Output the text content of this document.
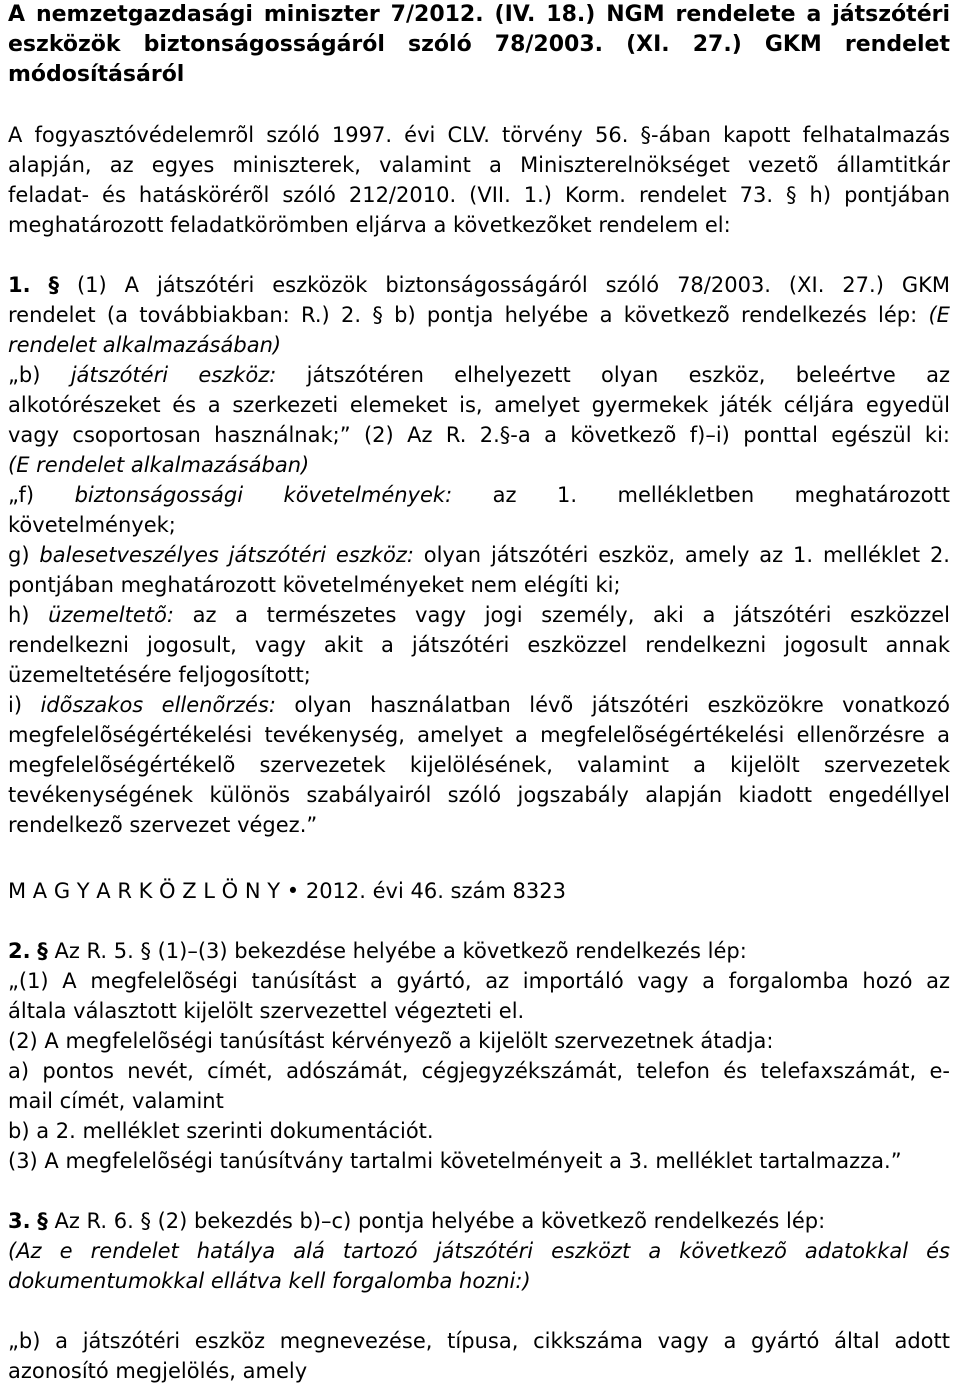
A nemzetgazdasági miniszter 7/2012. (IV. 18.) NGM rendelete a játszótéri
eszközök biztonságosságáról szóló 78/2003. (XI. 27.) GKM rendelet
módosításáról
A fogyasztóvédelemrõl szóló 1997. évi CLV. törvény 56. §-ában kapott felhatalmazás
alapján, az egyes miniszterek, valamint a Miniszterelnökséget vezetõ államtitkár
feladat- és hatáskörérõl szóló 212/2010. (VII. 1.) Korm. rendelet 73. § h) pontjában
meghatározott feladatkörömben eljárva a következõket rendelem el:
1. § (1) A játszótéri eszközök biztonságosságáról szóló 78/2003. (XI. 27.) GKM
rendelet (a továbbiakban: R.) 2. § b) pontja helyébe a következõ rendelkezés lép: (E
rendelet alkalmazásában)
„b) játszótéri eszköz: játszótéren elhelyezett olyan eszköz, beleértve az
alkotórészeket és a szerkezeti elemeket is, amelyet gyermekek játék céljára egyedül
vagy csoportosan használnak;” (2) Az R. 2.§-a a következõ f)–i) ponttal egészül ki:
(E rendelet alkalmazásában)
„f) biztonságossági követelmények: az 1. mellékletben meghatározott
követelmények;
g) balesetveszélyes játszótéri eszköz: olyan játszótéri eszköz, amely az 1. melléklet 2.
pontjában meghatározott követelményeket nem elégíti ki;
h) üzemeltetõ: az a természetes vagy jogi személy, aki a játszótéri eszközzel
rendelkezni jogosult, vagy akit a játszótéri eszközzel rendelkezni jogosult annak
üzemeltetésére feljogosított;
i) idõszakos ellenõrzés: olyan használatban lévõ játszótéri eszközökre vonatkozó
megfelelõségértékelési tevékenység, amelyet a megfelelõségértékelési ellenõrzésre a
megfelelõségértékelõ szervezetek kijelölésének, valamint a kijelölt szervezetek
tevékenységének különös szabályairól szóló jogszabály alapján kiadott engedéllyel
rendelkezõ szervezet végez.”
M A G Y A R K Ö Z L Ö N Y • 2012. évi 46. szám 8323
2. § Az R. 5. § (1)–(3) bekezdése helyébe a következõ rendelkezés lép:
„(1) A megfelelõségi tanúsítást a gyártó, az importáló vagy a forgalomba hozó az
általa választott kijelölt szervezettel végezteti el.
(2) A megfelelõségi tanúsítást kérvényezõ a kijelölt szervezetnek átadja:
a) pontos nevét, címét, adószámát, cégjegyzékszámát, telefon és telefaxszámát, e-
mail címét, valamint
b) a 2. melléklet szerinti dokumentációt.
(3) A megfelelõségi tanúsítvány tartalmi követelményeit a 3. melléklet tartalmazza.”
3. § Az R. 6. § (2) bekezdés b)–c) pontja helyébe a következõ rendelkezés lép:
(Az e rendelet hatálya alá tartozó játszótéri eszközt a következõ adatokkal és
dokumentumokkal ellátva kell forgalomba hozni:)
„b) a játszótéri eszköz megnevezése, típusa, cikkszáma vagy a gyártó által adott
azonosító megjelölés, amely
